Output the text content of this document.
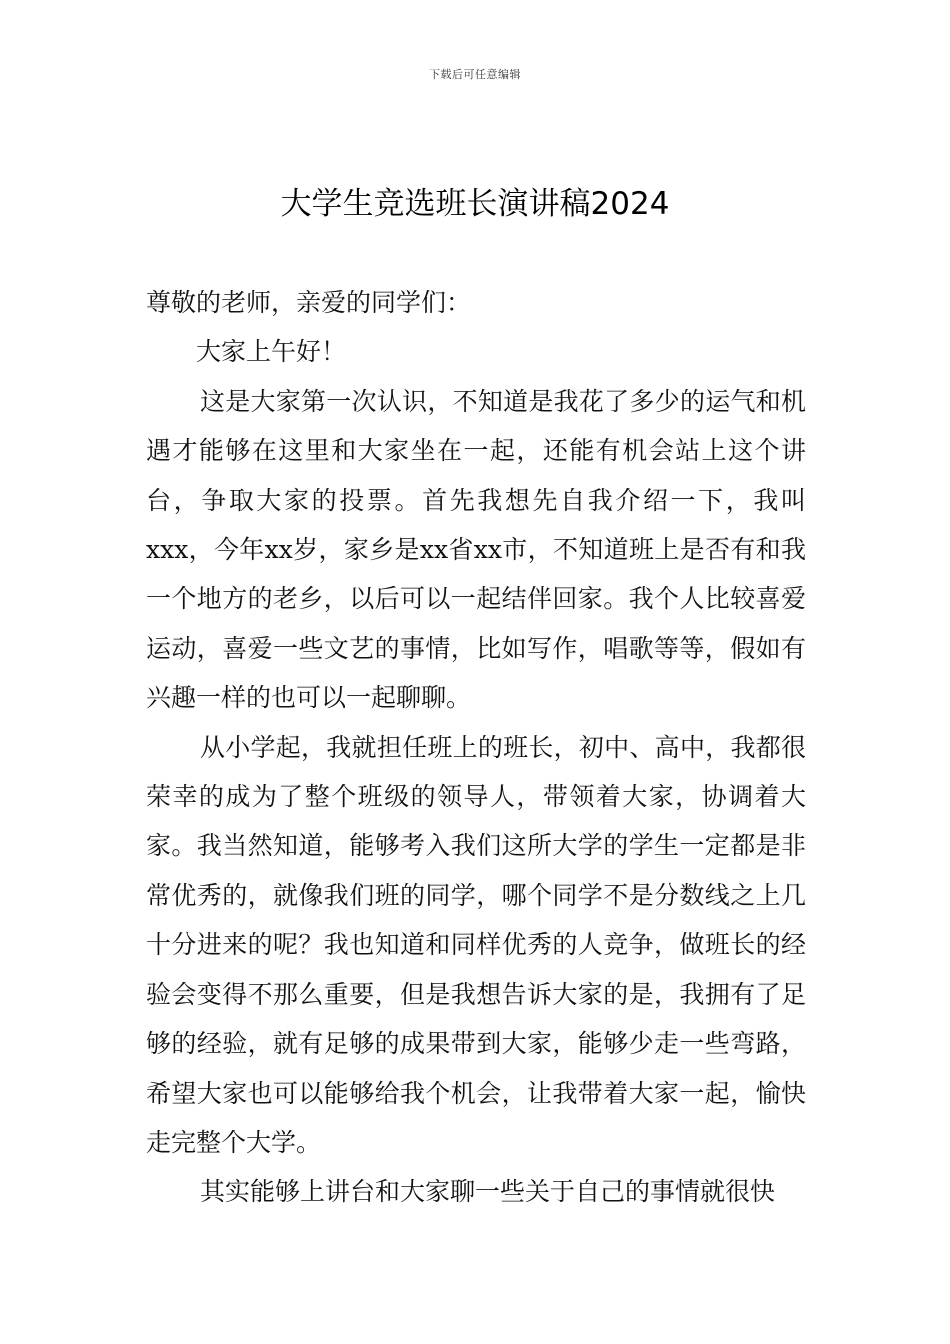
下载后可任意编辑
大学生竞选班长演讲稿2024

尊敬的老师，亲爱的同学们：

大家上午好！

这是大家第一次认识，不知道是我花了多少的运气和机遇才能够在这里和大家坐在一起，还能有机会站上这个讲台，争取大家的投票。首先我想先自我介绍一下，我叫xxx，今年xx岁，家乡是xx省xx市，不知道班上是否有和我一个地方的老乡，以后可以一起结伴回家。我个人比较喜爱运动，喜爱一些文艺的事情，比如写作，唱歌等等，假如有兴趣一样的也可以一起聊聊。

从小学起，我就担任班上的班长，初中、高中，我都很荣幸的成为了整个班级的领导人，带领着大家，协调着大家。我当然知道，能够考入我们这所大学的学生一定都是非常优秀的，就像我们班的同学，哪个同学不是分数线之上几十分进来的呢？我也知道和同样优秀的人竞争，做班长的经验会变得不那么重要，但是我想告诉大家的是，我拥有了足够的经验，就有足够的成果带到大家，能够少走一些弯路，希望大家也可以能够给我个机会，让我带着大家一起，愉快走完整个大学。

其实能够上讲台和大家聊一些关于自己的事情就很快
